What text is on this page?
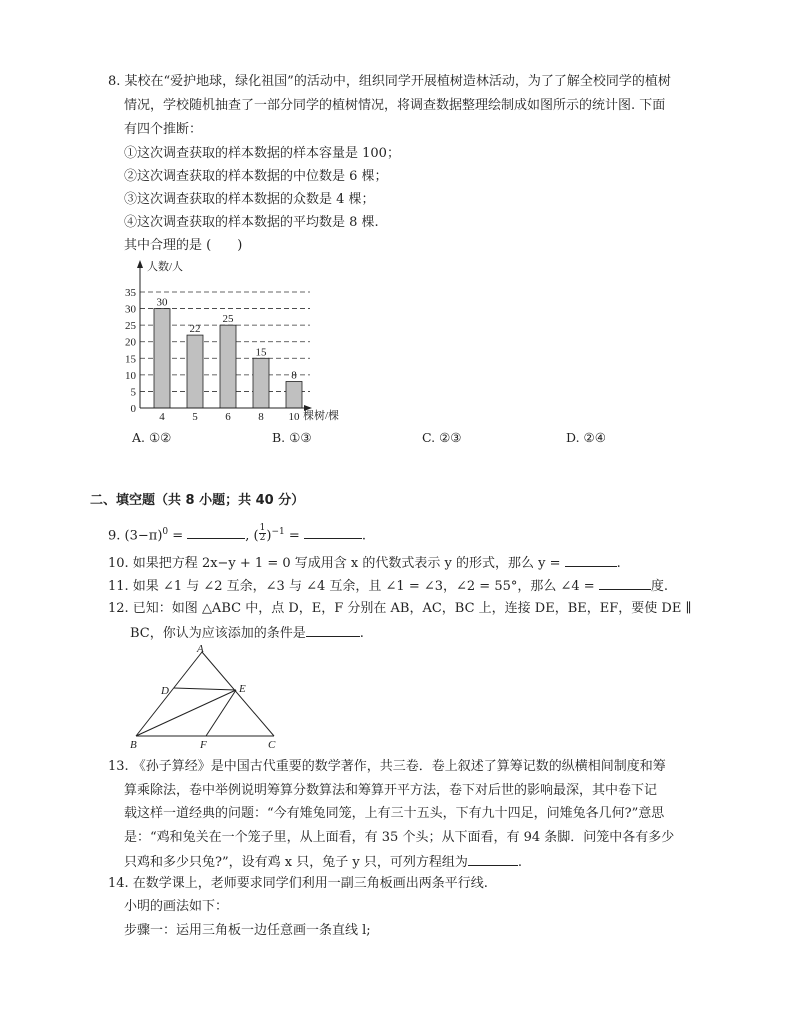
8. 某校在“爱护地球，绿化祖国”的活动中，组织同学开展植树造林活动，为了了解全校同学的植树
情况，学校随机抽查了一部分同学的植树情况，将调查数据整理绘制成如图所示的统计图. 下面
有四个推断：
①这次调查获取的样本数据的样本容量是 100；
②这次调查获取的样本数据的中位数是 6 棵；
③这次调查获取的样本数据的众数是 4 棵；
④这次调查获取的样本数据的平均数是 8 棵.
其中合理的是 (　　)
0
5
10
15
20
25
30
35
4	5	6	8 10
30
22
25
15
8
人数/人
棵树/棵
A. ①②	B. ①③	C. ②③	D. ②④
二、填空题（共 8 小题；共 40 分）
9. $(3-\pi)^0$ =	, ( $\frac{1}{2} )^{-1}$ =	.
10. 如果把方程 2x−y + 1 = 0 写成用含 x 的代数式表示 y 的形式，那么 y =	.
11. 如果 ∠1 与 ∠2 互余，∠3 与 ∠4 互余，且 ∠1 = ∠3，∠2 = 55°，那么 ∠4 =	度.
12. 已知：如图 △ABC 中，点 D，E，F 分别在 AB，AC，BC 上，连接 DE，BE，EF，要使 DE ∥
BC，你认为应该添加的条件是	.
A
B	C
D	E
F
13. 《孙子算经》是中国古代重要的数学著作，共三卷．卷上叙述了算筹记数的纵横相间制度和筹
算乘除法，卷中举例说明筹算分数算法和筹算开平方法，卷下对后世的影响最深，其中卷下记
载这样一道经典的问题：“今有雉兔同笼，上有三十五头，下有九十四足，问雉兔各几何?”意思
是：“鸡和兔关在一个笼子里，从上面看，有 35 个头；从下面看，有 94 条脚．问笼中各有多少
只鸡和多少只兔?”，设有鸡 x 只，兔子 y 只，可列方程组为	.
14. 在数学课上，老师要求同学们利用一副三角板画出两条平行线.
小明的画法如下：
步骤一：运用三角板一边任意画一条直线 l;
